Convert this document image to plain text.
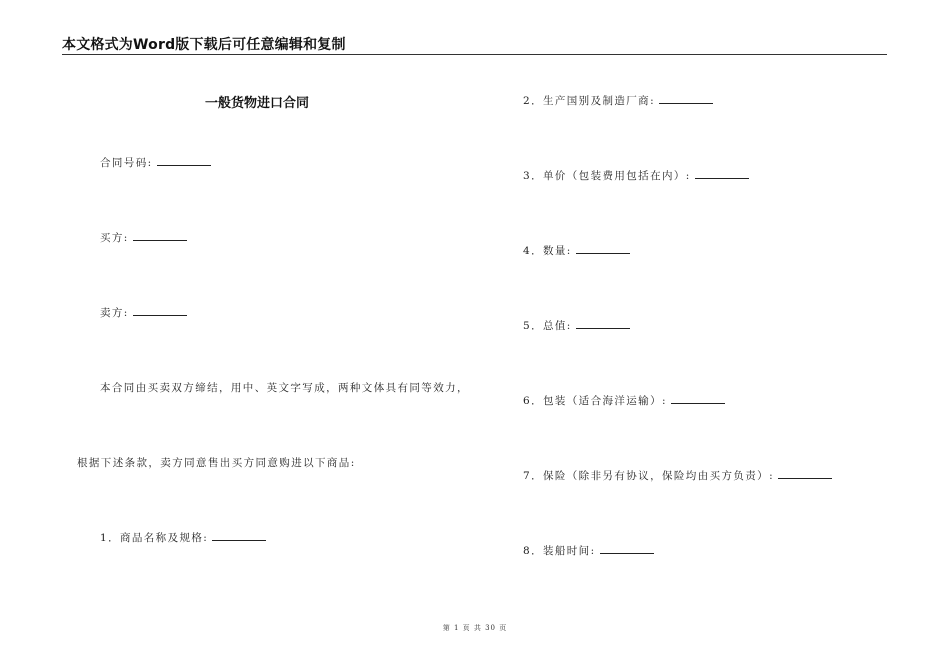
本文格式为Word版下载后可任意编辑和复制
一般货物进口合同
合同号码:
买方:
卖方:
本合同由买卖双方缔结，用中、英文字写成，两种文体具有同等效力，
根据下述条款，卖方同意售出买方同意购进以下商品:
1．商品名称及规格:
2．生产国别及制造厂商:
3．单价（包装费用包括在内）:
4．数量:
5．总值:
6．包装（适合海洋运输）:
7．保险（除非另有协议，保险均由买方负责）:
8．装船时间:
第 1 页 共 30 页
